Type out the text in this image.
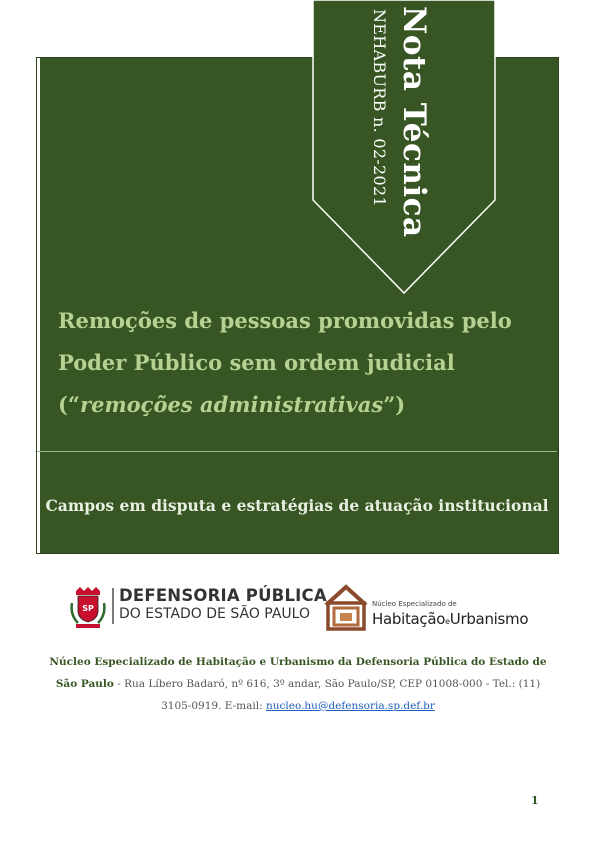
Nota Técnica
NEHABURB n. 02-2021
Remoções de pessoas promovidas pelo
Poder Público sem ordem judicial
(“remoções administrativas”)
Campos em disputa e estratégias de atuação institucional
SP
DEFENSORIA PÚBLICA
DO ESTADO DE SÃO PAULO
Núcleo Especializado de
HabitaçãoeUrbanismo
Núcleo Especializado de Habitação e Urbanismo da Defensoria Pública do Estado de São Paulo - Rua Líbero Badaró, nº 616, 3º andar, São Paulo/SP, CEP 01008-000 - Tel.: (11) 3105-0919. E-mail: nucleo.hu@defensoria.sp.def.br
1
